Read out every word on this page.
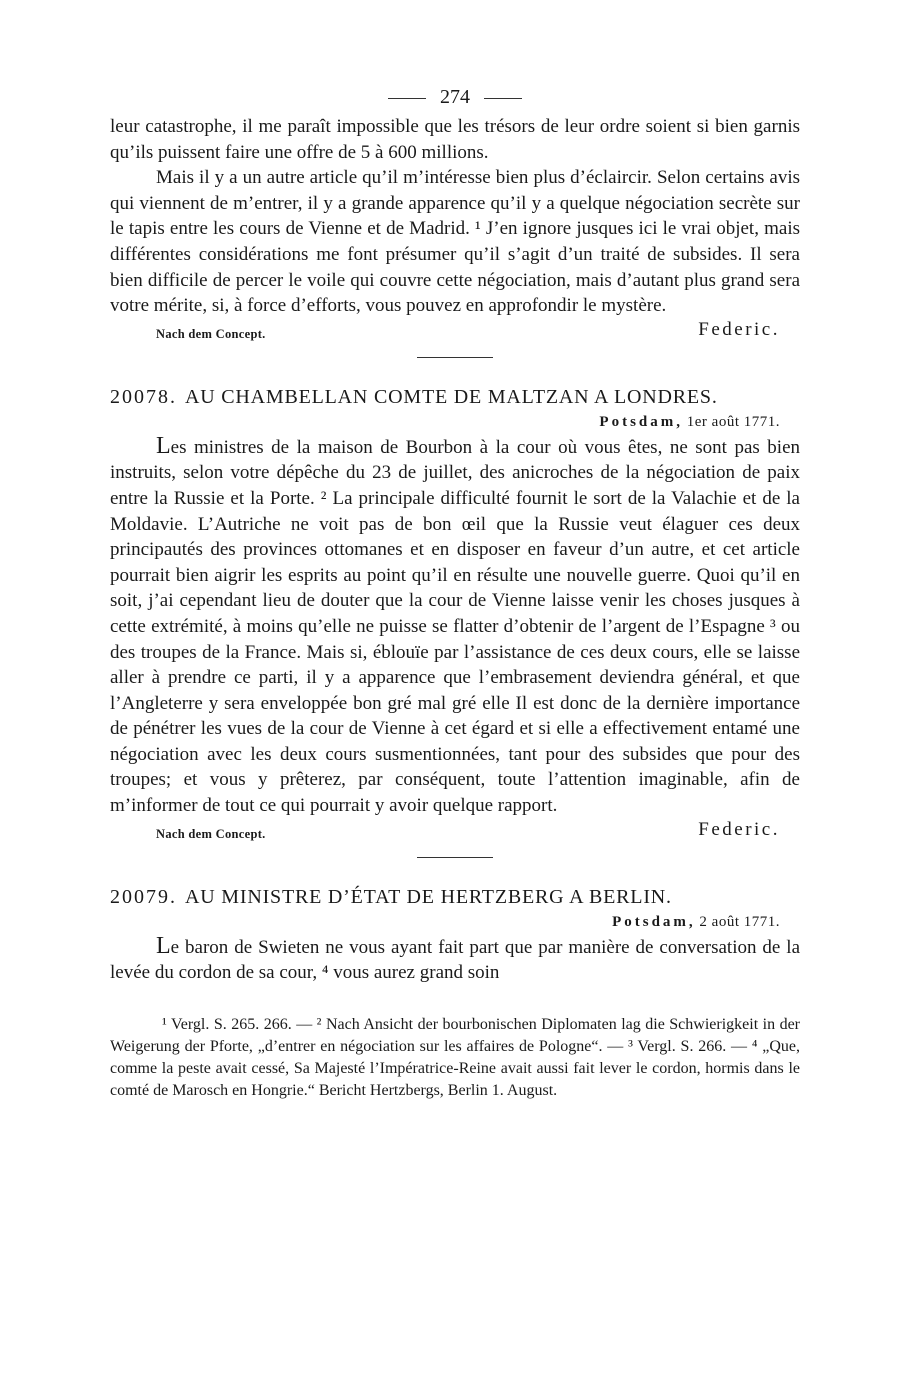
274

leur catastrophe, il me paraît impossible que les trésors de leur ordre soient si bien garnis qu’ils puissent faire une offre de 5 à 600 millions.

Mais il y a un autre article qu’il m’intéresse bien plus d’éclaircir. Selon certains avis qui viennent de m’entrer, il y a grande apparence qu’il y a quelque négociation secrète sur le tapis entre les cours de Vienne et de Madrid. ¹ J’en ignore jusques ici le vrai objet, mais différentes considérations me font présumer qu’il s’agit d’un traité de subsides. Il sera bien difficile de percer le voile qui couvre cette négociation, mais d’autant plus grand sera votre mérite, si, à force d’efforts, vous pouvez en approfondir le mystère.

Nach dem Concept.	Federic.
20078. AU CHAMBELLAN COMTE DE MALTZAN A LONDRES.
Potsdam, 1er août 1771.

Les ministres de la maison de Bourbon à la cour où vous êtes, ne sont pas bien instruits, selon votre dépêche du 23 de juillet, des anicroches de la négociation de paix entre la Russie et la Porte. ² La principale difficulté fournit le sort de la Valachie et de la Moldavie. L’Autriche ne voit pas de bon œil que la Russie veut élaguer ces deux principautés des provinces ottomanes et en disposer en faveur d’un autre, et cet article pourrait bien aigrir les esprits au point qu’il en résulte une nouvelle guerre. Quoi qu’il en soit, j’ai cependant lieu de douter que la cour de Vienne laisse venir les choses jusques à cette extrémité, à moins qu’elle ne puisse se flatter d’obtenir de l’argent de l’Espagne ³ ou des troupes de la France. Mais si, éblouïe par l’assistance de ces deux cours, elle se laisse aller à prendre ce parti, il y a apparence que l’embrasement deviendra général, et que l’Angleterre y sera enveloppée bon gré mal gré elle Il est donc de la dernière importance de pénétrer les vues de la cour de Vienne à cet égard et si elle a effectivement entamé une négociation avec les deux cours susmentionnées, tant pour des subsides que pour des troupes; et vous y prêterez, par conséquent, toute l’attention imaginable, afin de m’informer de tout ce qui pourrait y avoir quelque rapport.

Nach dem Concept.	Federic.
20079. AU MINISTRE D’ÉTAT DE HERTZBERG A BERLIN.
Potsdam, 2 août 1771.

Le baron de Swieten ne vous ayant fait part que par manière de conversation de la levée du cordon de sa cour, ⁴ vous aurez grand soin

¹ Vergl. S. 265. 266. — ² Nach Ansicht der bourbonischen Diplomaten lag die Schwierigkeit in der Weigerung der Pforte, „d’entrer en négociation sur les affaires de Pologne“. — ³ Vergl. S. 266. — ⁴ „Que, comme la peste avait cessé, Sa Majesté l’Impératrice-Reine avait aussi fait lever le cordon, hormis dans le comté de Marosch en Hongrie.“ Bericht Hertzbergs, Berlin 1. August.
